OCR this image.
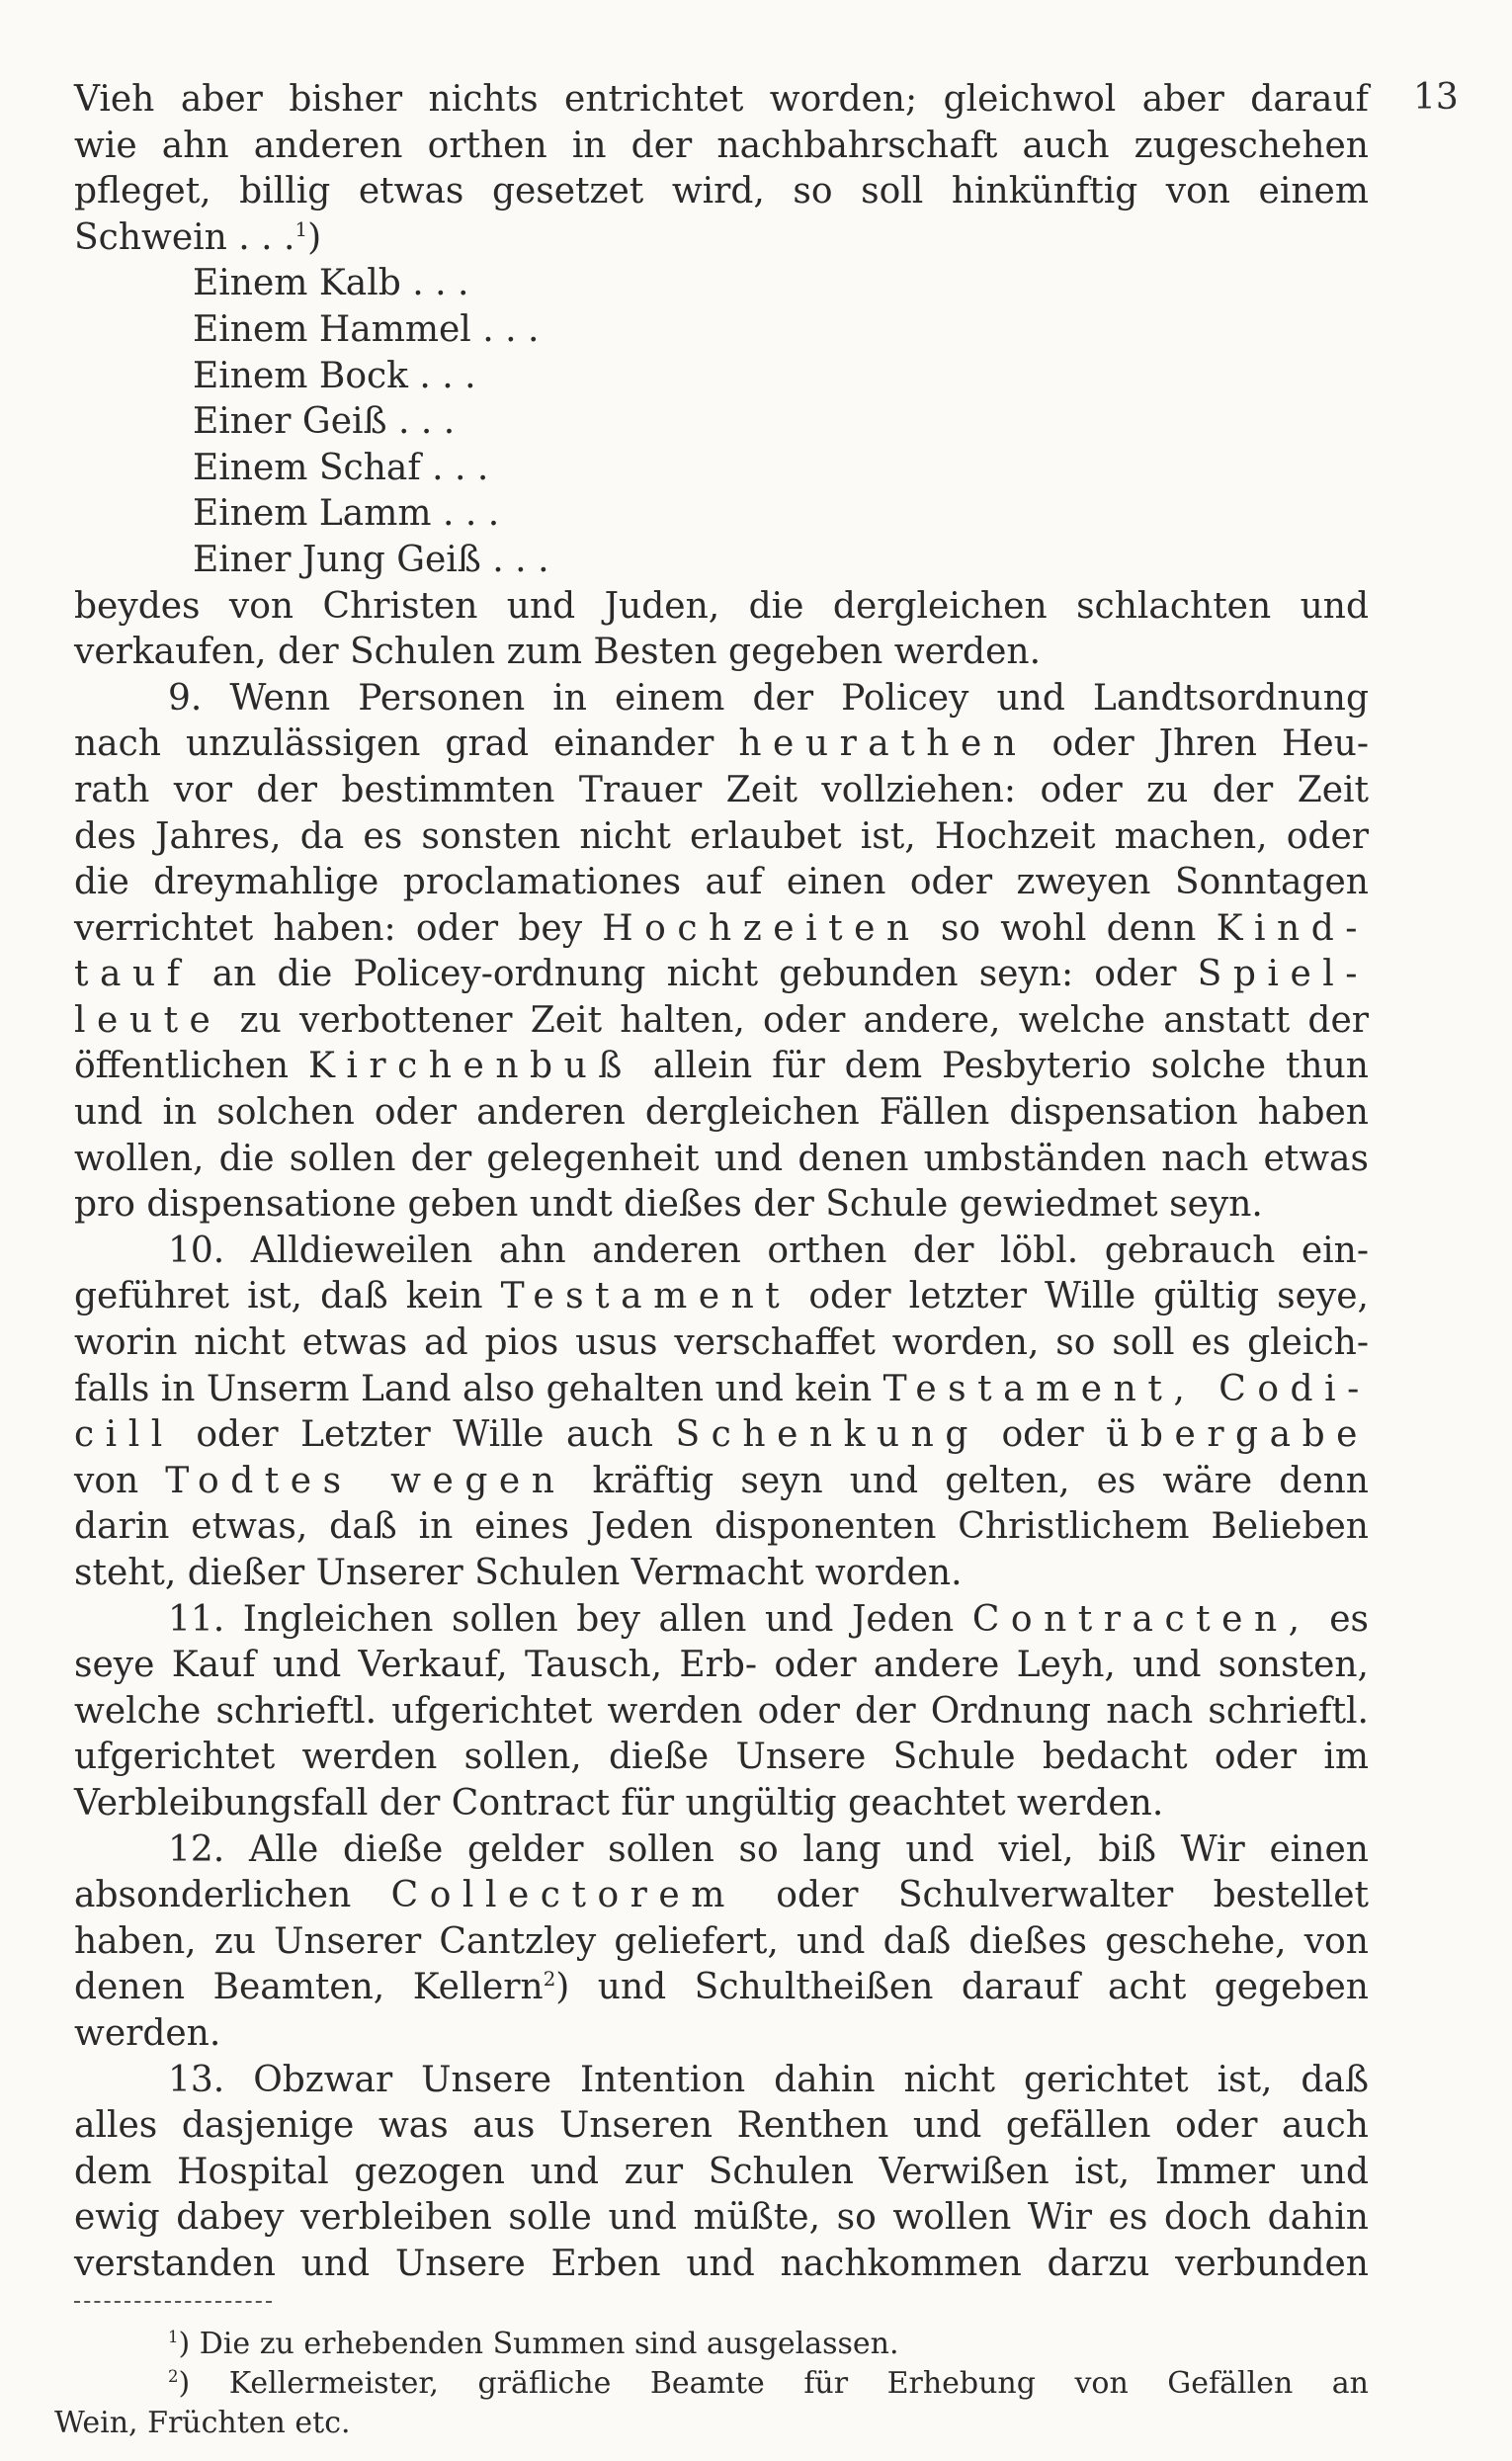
13
Vieh aber bisher nichts entrichtet worden; gleichwol aber darauf
wie ahn anderen orthen in der nachbahrschaft auch zugeschehen
pfleget, billig etwas gesetzet wird, so soll hinkünftig von einem
Schwein . . .$^1$)
Einem Kalb . . .
Einem Hammel . . .
Einem Bock . . .
Einer Geiß . . .
Einem Schaf . . .
Einem Lamm . . .
Einer Jung Geiß . . .
beydes von Christen und Juden, die dergleichen schlachten und
verkaufen, der Schulen zum Besten gegeben werden.
9. Wenn Personen in einem der Policey und Landtsordnung
nach unzulässigen grad einander heurathen oder Jhren Heu-
rath vor der bestimmten Trauer Zeit vollziehen: oder zu der Zeit
des Jahres, da es sonsten nicht erlaubet ist, Hochzeit machen, oder
die dreymahlige proclamationes auf einen oder zweyen Sonntagen
verrichtet haben: oder bey Hochzeiten so wohl denn Kind-
tauf an die Policey-ordnung nicht gebunden seyn: oder Spiel-
leute zu verbottener Zeit halten, oder andere, welche anstatt der
öffentlichen Kirchenbuß allein für dem Pesbyterio solche thun
und in solchen oder anderen dergleichen Fällen dispensation haben
wollen, die sollen der gelegenheit und denen umbständen nach etwas
pro dispensatione geben undt dießes der Schule gewiedmet seyn.
10. Alldieweilen ahn anderen orthen der löbl. gebrauch ein-
geführet ist, daß kein Testament oder letzter Wille gültig seye,
worin nicht etwas ad pios usus verschaffet worden, so soll es gleich-
falls in Unserm Land also gehalten und kein Testament, Codi-
cill oder Letzter Wille auch Schenkung oder übergabe
von Todtes wegen kräftig seyn und gelten, es wäre denn
darin etwas, daß in eines Jeden disponenten Christlichem Belieben
steht, dießer Unserer Schulen Vermacht worden.
11. Ingleichen sollen bey allen und Jeden Contracten, es
seye Kauf und Verkauf, Tausch, Erb- oder andere Leyh, und sonsten,
welche schrieftl. ufgerichtet werden oder der Ordnung nach schrieftl.
ufgerichtet werden sollen, dieße Unsere Schule bedacht oder im
Verbleibungsfall der Contract für ungültig geachtet werden.
12. Alle dieße gelder sollen so lang und viel, biß Wir einen
absonderlichen Collectorem oder Schulverwalter bestellet
haben, zu Unserer Cantzley geliefert, und daß dießes geschehe, von
denen Beamten, Kellern$^2$) und Schultheißen darauf acht gegeben
werden.
13. Obzwar Unsere Intention dahin nicht gerichtet ist, daß
alles dasjenige was aus Unseren Renthen und gefällen oder auch
dem Hospital gezogen und zur Schulen Verwißen ist, Immer und
ewig dabey verbleiben solle und müßte, so wollen Wir es doch dahin
verstanden und Unsere Erben und nachkommen darzu verbunden
$^1$) Die zu erhebenden Summen sind ausgelassen.
$^2$) Kellermeister, gräfliche Beamte für Erhebung von Gefällen an
Wein, Früchten etc.
